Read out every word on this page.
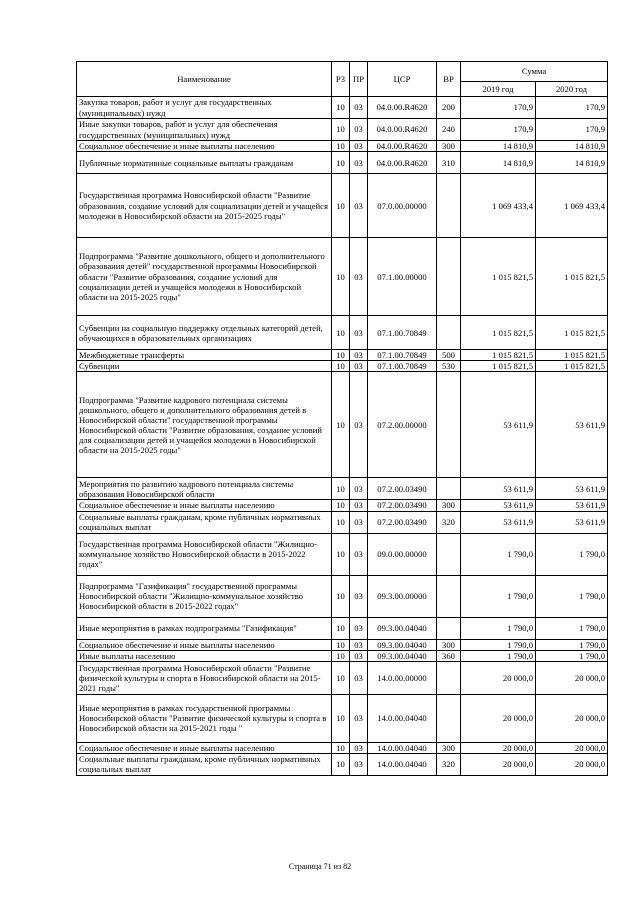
Наименование	РЗ	ПР	ЦСР	ВР	Сумма	
					2019 год	2020 год
Закупка товаров, работ и услуг для государственных (муниципальных) нужд	10	03	04.0.00.R4620	200	170,9	170,9
Иные закупки товаров, работ и услуг для обеспечения государственных (муниципальных) нужд	10	03	04.0.00.R4620	240	170,9	170,9
Социальное обеспечение и иные выплаты населению	10	03	04.0.00.R4620	300	14 810,9	14 810,9
Публичные нормативные социальные выплаты гражданам	10	03	04.0.00.R4620	310	14 810,9	14 810,9
Государственная программа Новосибирской области "Развитие образования, создание условий для социализации детей и учащейся молодежи в Новосибирской области на 2015-2025 годы"	10	03	07.0.00.00000		1 069 433,4	1 069 433,4
Подпрограмма "Развитие дошкольного, общего и дополнительного образования детей" государственной программы Новосибирской области "Развитие образования, создание условий для социализации детей и учащейся молодежи в Новосибирской области на 2015-2025 годы"	10	03	07.1.00.00000		1 015 821,5	1 015 821,5
Субвенции на социальную поддержку отдельных категорий детей, обучающихся в образовательных организациях	10	03	07.1.00.70849		1 015 821,5	1 015 821,5
Межбюджетные трансферты	10	03	07.1.00.70849	500	1 015 821,5	1 015 821,5
Субвенции	10	03	07.1.00.70849	530	1 015 821,5	1 015 821,5
Подпрограмма "Развитие кадрового потенциала системы дошкольного, общего и дополнительного образования детей в Новосибирской области" государственной программы Новосибирской области "Развитие образования, создание условий для социализации детей и учащейся молодежи в Новосибирской области на 2015-2025 годы"	10	03	07.2.00.00000		53 611,9	53 611,9
Мероприятия по развитию кадрового потенциала системы образования Новосибирской области	10	03	07.2.00.03490		53 611,9	53 611,9
Социальное обеспечение и иные выплаты населению	10	03	07.2.00.03490	300	53 611,9	53 611,9
Социальные выплаты гражданам, кроме публичных нормативных социальных выплат	10	03	07.2.00.03490	320	53 611,9	53 611,9
Государственная программа Новосибирской области "Жилищно-коммунальное хозяйство Новосибирской области в 2015-2022 годах"	10	03	09.0.00.00000		1 790,0	1 790,0
Подпрограмма "Газификация" государственной программы Новосибирской области "Жилищно-коммунальное хозяйство Новосибирской области в 2015-2022 годах"	10	03	09.3.00.00000		1 790,0	1 790,0
Иные мероприятия в рамках подпрограммы "Газификация"	10	03	09.3.00.04040		1 790,0	1 790,0
Социальное обеспечение и иные выплаты населению	10	03	09.3.00.04040	300	1 790,0	1 790,0
Иные выплаты населению	10	03	09.3.00.04040	360	1 790,0	1 790,0
Государственная программа Новосибирской области "Развитие физической культуры и спорта в Новосибирской области на 2015-2021 годы"	10	03	14.0.00.00000		20 000,0	20 000,0
Иные мероприятия в рамках государственной программы Новосибирской области "Развитие физической культуры и спорта в Новосибирской области на 2015-2021 годы "	10	03	14.0.00.04040		20 000,0	20 000,0
Социальное обеспечение и иные выплаты населению	10	03	14.0.00.04040	300	20 000,0	20 000,0
Социальные выплаты гражданам, кроме публичных нормативных социальных выплат	10	03	14.0.00.04040	320	20 000,0	20 000,0
Страница 71 из 82
